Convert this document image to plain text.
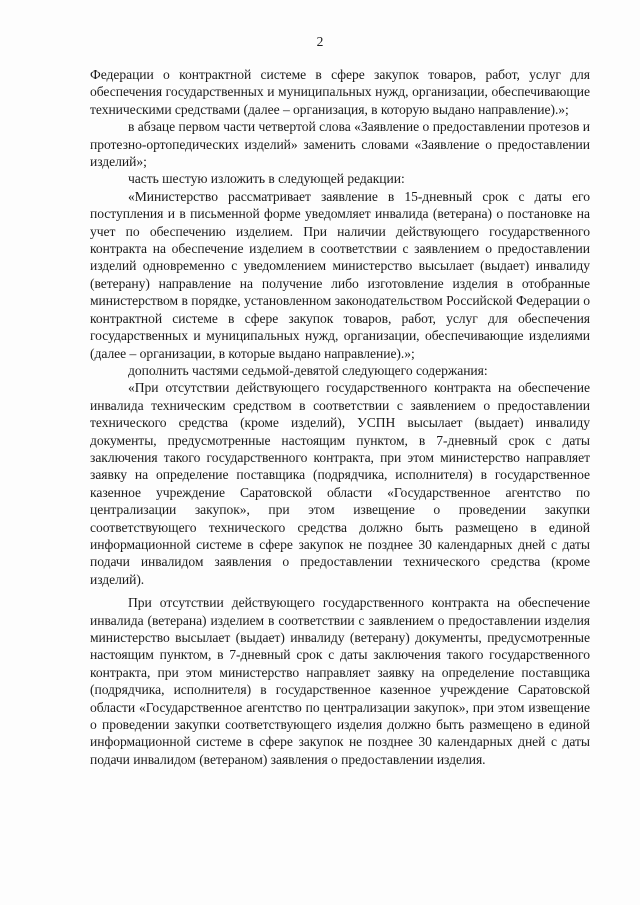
2

Федерации о контрактной системе в сфере закупок товаров, работ, услуг для обеспечения государственных и муниципальных нужд, организации, обеспечивающие техническими средствами (далее – организация, в которую выдано направление).»;

в абзаце первом части четвертой слова «Заявление о предоставлении протезов и протезно-ортопедических изделий» заменить словами «Заявление о предоставлении изделий»;

часть шестую изложить в следующей редакции:

«Министерство рассматривает заявление в 15-дневный срок с даты его поступления и в письменной форме уведомляет инвалида (ветерана) о постановке на учет по обеспечению изделием. При наличии действующего государственного контракта на обеспечение изделием в соответствии с заявлением о предоставлении изделий одновременно с уведомлением министерство высылает (выдает) инвалиду (ветерану) направление на получение либо изготовление изделия в отобранные министерством в порядке, установленном законодательством Российской Федерации о контрактной системе в сфере закупок товаров, работ, услуг для обеспечения государственных и муниципальных нужд, организации, обеспечивающие изделиями (далее – организации, в которые выдано направление).»;

дополнить частями седьмой-девятой следующего содержания:

«При отсутствии действующего государственного контракта на обеспечение инвалида техническим средством в соответствии с заявлением о предоставлении технического средства (кроме изделий), УСПН высылает (выдает) инвалиду документы, предусмотренные настоящим пунктом, в 7-дневный срок с даты заключения такого государственного контракта, при этом министерство направляет заявку на определение поставщика (подрядчика, исполнителя) в государственное казенное учреждение Саратовской области «Государственное агентство по централизации закупок», при этом извещение о проведении закупки соответствующего технического средства должно быть размещено в единой информационной системе в сфере закупок не позднее 30 календарных дней с даты подачи инвалидом заявления о предоставлении технического средства (кроме изделий).

При отсутствии действующего государственного контракта на обеспечение инвалида (ветерана) изделием в соответствии с заявлением о предоставлении изделия министерство высылает (выдает) инвалиду (ветерану) документы, предусмотренные настоящим пунктом, в 7-дневный срок с даты заключения такого государственного контракта, при этом министерство направляет заявку на определение поставщика (подрядчика, исполнителя) в государственное казенное учреждение Саратовской области «Государственное агентство по централизации закупок», при этом извещение о проведении закупки соответствующего изделия должно быть размещено в единой информационной системе в сфере закупок не позднее 30 календарных дней с даты подачи инвалидом (ветераном) заявления о предоставлении изделия.
